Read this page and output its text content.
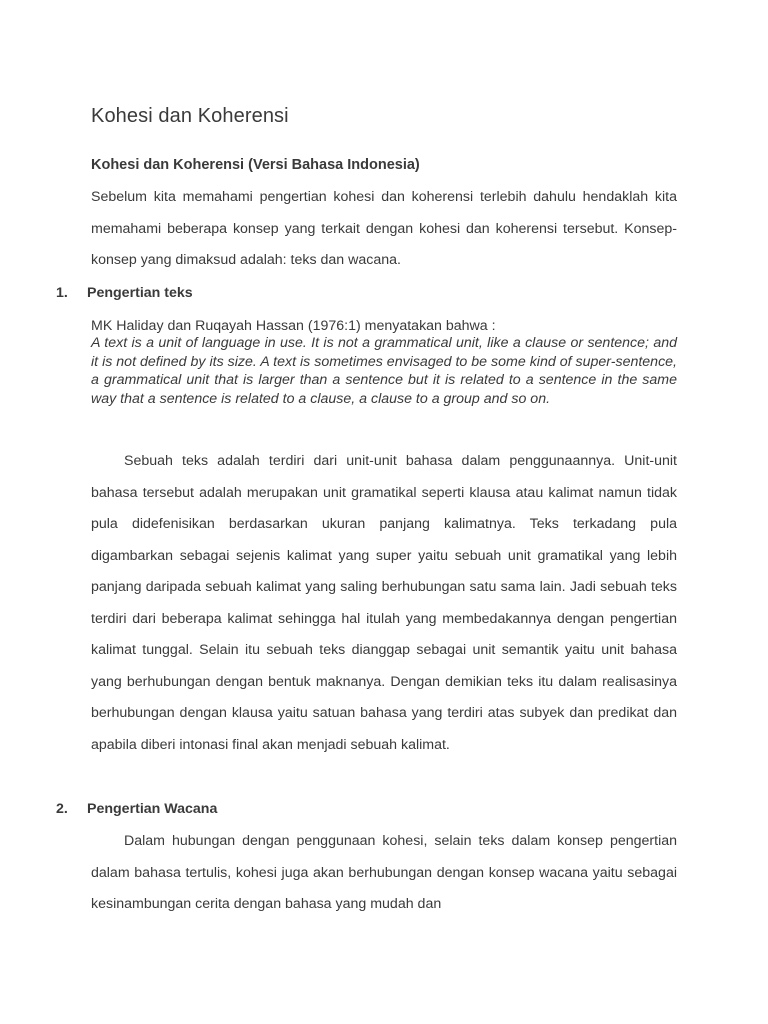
Kohesi dan Koherensi
Kohesi dan Koherensi (Versi Bahasa Indonesia)
Sebelum kita memahami pengertian kohesi dan koherensi terlebih dahulu hendaklah kita memahami beberapa konsep yang terkait dengan kohesi dan koherensi tersebut. Konsep-konsep yang dimaksud adalah: teks dan wacana.
1. Pengertian teks
MK Haliday dan Ruqayah Hassan (1976:1) menyatakan bahwa :
A text is a unit of language in use. It is not a grammatical unit, like a clause or sentence; and it is not defined by its size. A text is sometimes envisaged to be some kind of super-sentence, a grammatical unit that is larger than a sentence but it is related to a sentence in the same way that a sentence is related to a clause, a clause to a group and so on.
Sebuah teks adalah terdiri dari unit-unit bahasa dalam penggunaannya. Unit-unit bahasa tersebut adalah merupakan unit gramatikal seperti klausa atau kalimat namun tidak pula didefenisikan berdasarkan ukuran panjang kalimatnya. Teks terkadang pula digambarkan sebagai sejenis kalimat yang super yaitu sebuah unit gramatikal yang lebih panjang daripada sebuah kalimat yang saling berhubungan satu sama lain. Jadi sebuah teks terdiri dari beberapa kalimat sehingga hal itulah yang membedakannya dengan pengertian kalimat tunggal. Selain itu sebuah teks dianggap sebagai unit semantik yaitu unit bahasa yang berhubungan dengan bentuk maknanya. Dengan demikian teks itu dalam realisasinya berhubungan dengan klausa yaitu satuan bahasa yang terdiri atas subyek dan predikat dan apabila diberi intonasi final akan menjadi sebuah kalimat.
2. Pengertian Wacana
Dalam hubungan dengan penggunaan kohesi, selain teks dalam konsep pengertian dalam bahasa tertulis, kohesi juga akan berhubungan dengan konsep wacana yaitu sebagai kesinambungan cerita dengan bahasa yang mudah dan
